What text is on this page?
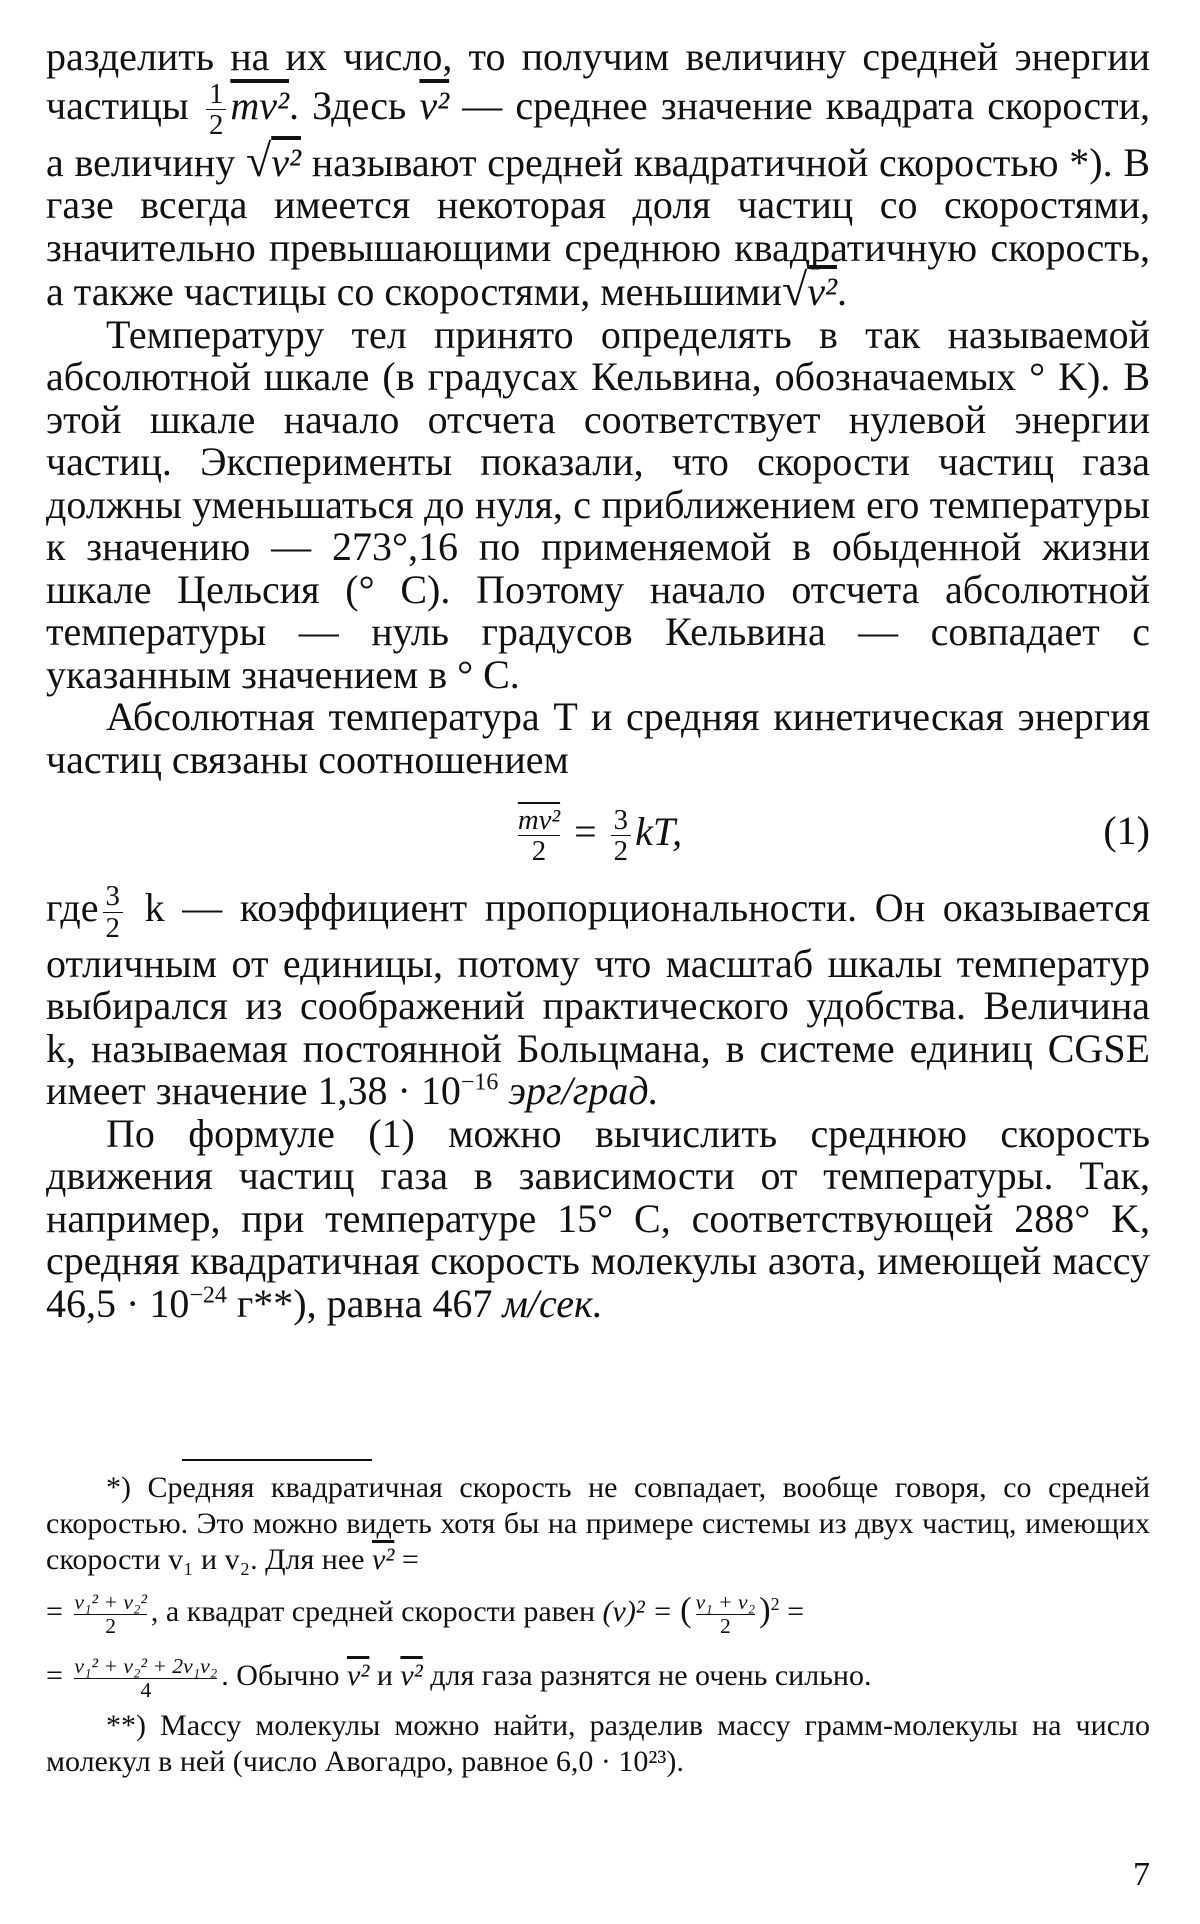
разделить на их число, то получим величину средней энергии частицы $\frac{1}{2} mv^2$. Здесь v² — среднее значение квадрата скорости, а величину √v² называют средней квадратичной скоростью *). В газе всегда имеется некоторая доля частиц со скоростями, значительно превышающими среднюю квадратичную скорость, а также частицы со скоростями, меньшими√v².

Температуру тел принято определять в так называемой абсолютной шкале (в градусах Кельвина, обозначаемых ° K). В этой шкале начало отсчета соответствует нулевой энергии частиц. Эксперименты показали, что скорости частиц газа должны уменьшаться до нуля, с приближением его температуры к значению — 273°,16 по применяемой в обыденной жизни шкале Цельсия (° C). Поэтому начало отсчета абсолютной температуры — нуль градусов Кельвина — совпадает с указанным значением в ° C.

Абсолютная температура T и средняя кинетическая энергия частиц связаны соотношением

$\frac{\text{mv²}}{2} = \frac{3}{2}$ kT,	(1)

где $\frac{3}{2}$ k — коэффициент пропорциональности. Он оказывается отличным от единицы, потому что масштаб шкалы температур выбирался из соображений практического удобства. Величина k, называемая постоянной Больцмана, в системе единиц CGSE имеет значение $1,38 \cdot 10^{-16}$ эрг/град.

По формуле (1) можно вычислить среднюю скорость движения частиц газа в зависимости от температуры. Так, например, при температуре 15° C, соответствующей 288° K, средняя квадратичная скорость молекулы азота, имеющей массу $46,5 \cdot 10^{-24}$ г**), равна 467 м/сек.

*) Средняя квадратичная скорость не совпадает, вообще говоря, со средней скоростью. Это можно видеть хотя бы на примере системы из двух частиц, имеющих скорости v₁ и v₂. Для нее v² =

= $\frac{\text{v₁² + v₂²}}{2}$ , а квадрат средней скорости равен (v)² = ( $\frac{\text{v₁ + v₂}}{2} )^2$ =

= $\frac{\text{v₁² + v₂² + 2v₁v₂}}{4}$ . Обычно v² и v² для газа разнятся не очень сильно.

**) Массу молекулы можно найти, разделив массу грамм-молекулы на число молекул в ней (число Авогадро, равное 6,0 · 10²³).

7
